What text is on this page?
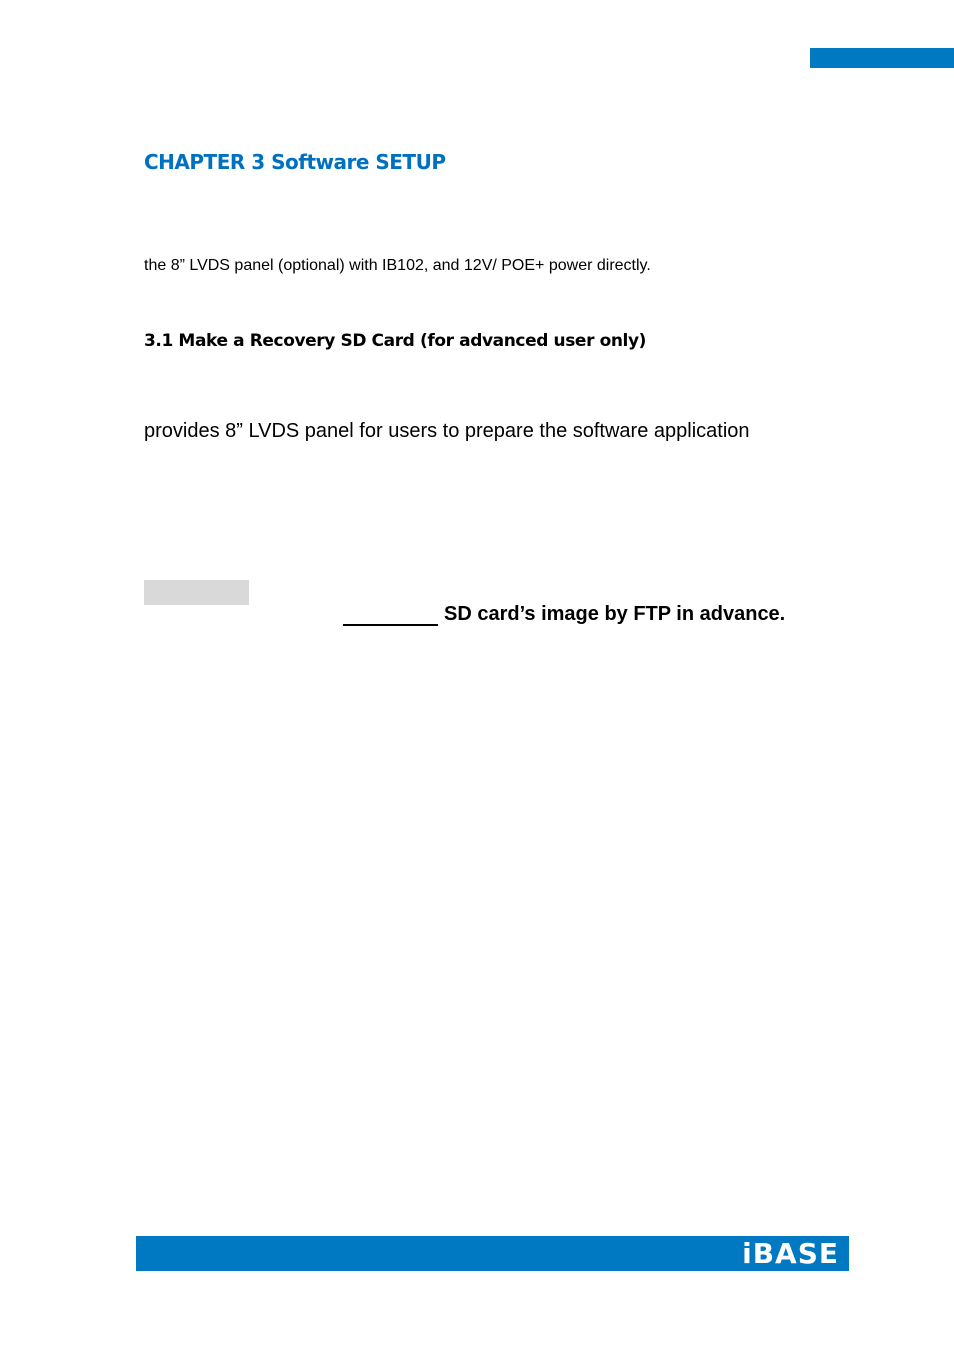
CHAPTER 3 Software SETUP

the 8” LVDS panel (optional) with IB102, and 12V/ POE+ power directly.

3.1 Make a Recovery SD Card (for advanced user only)

provides 8” LVDS panel for users to prepare the software application

SD card’s image by FTP in advance.

iBASE
